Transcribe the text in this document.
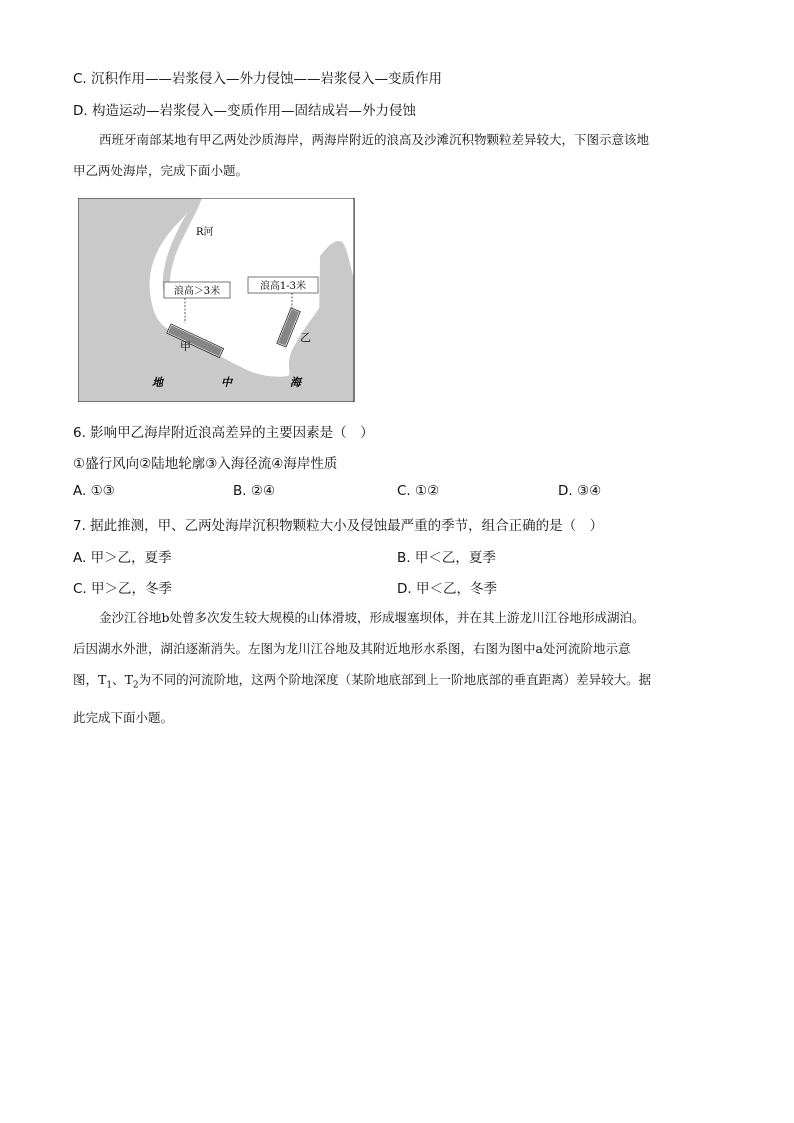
C. 沉积作用——岩浆侵入—外力侵蚀——岩浆侵入—变质作用
D. 构造运动—岩浆侵入—变质作用—固结成岩—外力侵蚀

西班牙南部某地有甲乙两处沙质海岸，两海岸附近的浪高及沙滩沉积物颗粒差异较大，下图示意该地

甲乙两处海岸，完成下面小题。

浪高＞3米	浪高1-3米
R河
甲
乙
地	中	海
6. 影响甲乙海岸附近浪高差异的主要因素是（　）
①盛行风向②陆地轮廓③入海径流④海岸性质
A. ①③	B. ②④	C. ①②	D. ③④
7. 据此推测，甲、乙两处海岸沉积物颗粒大小及侵蚀最严重的季节，组合正确的是（　）
A. 甲＞乙，夏季	B. 甲＜乙，夏季
C. 甲＞乙，冬季	D. 甲＜乙，冬季

金沙江谷地b处曾多次发生较大规模的山体滑坡，形成堰塞坝体，并在其上游龙川江谷地形成湖泊。

后因湖水外泄，湖泊逐渐消失。左图为龙川江谷地及其附近地形水系图，右图为图中a处河流阶地示意

图，$T_1$、$T_2$为不同的河流阶地，这两个阶地深度（某阶地底部到上一阶地底部的垂直距离）差异较大。据

此完成下面小题。
